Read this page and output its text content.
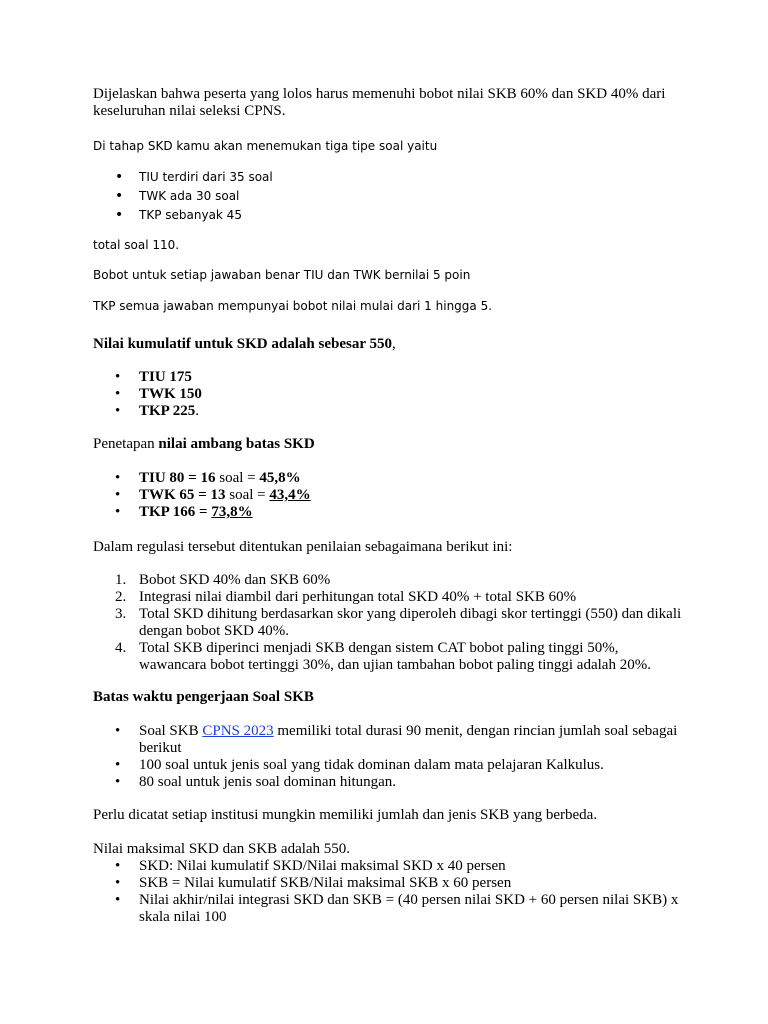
Dijelaskan bahwa peserta yang lolos harus memenuhi bobot nilai SKB 60% dan SKD 40% dari keseluruhan nilai seleksi CPNS.

Di tahap SKD kamu akan menemukan tiga tipe soal yaitu

• TIU terdiri dari 35 soal
• TWK ada 30 soal
• TKP sebanyak 45

total soal 110.

Bobot untuk setiap jawaban benar TIU dan TWK bernilai 5 poin

TKP semua jawaban mempunyai bobot nilai mulai dari 1 hingga 5.

Nilai kumulatif untuk SKD adalah sebesar 550,

• TIU 175
• TWK 150
• TKP 225.

Penetapan nilai ambang batas SKD

• TIU 80 = 16 soal = 45,8%
• TWK 65 = 13 soal = 43,4%
• TKP 166 = 73,8%

Dalam regulasi tersebut ditentukan penilaian sebagaimana berikut ini:

1. Bobot SKD 40% dan SKB 60%
2. Integrasi nilai diambil dari perhitungan total SKD 40% + total SKB 60%
3. Total SKD dihitung berdasarkan skor yang diperoleh dibagi skor tertinggi (550) dan dikali dengan bobot SKD 40%.
4. Total SKB diperinci menjadi SKB dengan sistem CAT bobot paling tinggi 50%, wawancara bobot tertinggi 30%, dan ujian tambahan bobot paling tinggi adalah 20%.

Batas waktu pengerjaan Soal SKB

• Soal SKB CPNS 2023 memiliki total durasi 90 menit, dengan rincian jumlah soal sebagai berikut
• 100 soal untuk jenis soal yang tidak dominan dalam mata pelajaran Kalkulus.
• 80 soal untuk jenis soal dominan hitungan.

Perlu dicatat setiap institusi mungkin memiliki jumlah dan jenis SKB yang berbeda.

Nilai maksimal SKD dan SKB adalah 550.

• SKD: Nilai kumulatif SKD/Nilai maksimal SKD x 40 persen
• SKB = Nilai kumulatif SKB/Nilai maksimal SKB x 60 persen
• Nilai akhir/nilai integrasi SKD dan SKB = (40 persen nilai SKD + 60 persen nilai SKB) x skala nilai 100
